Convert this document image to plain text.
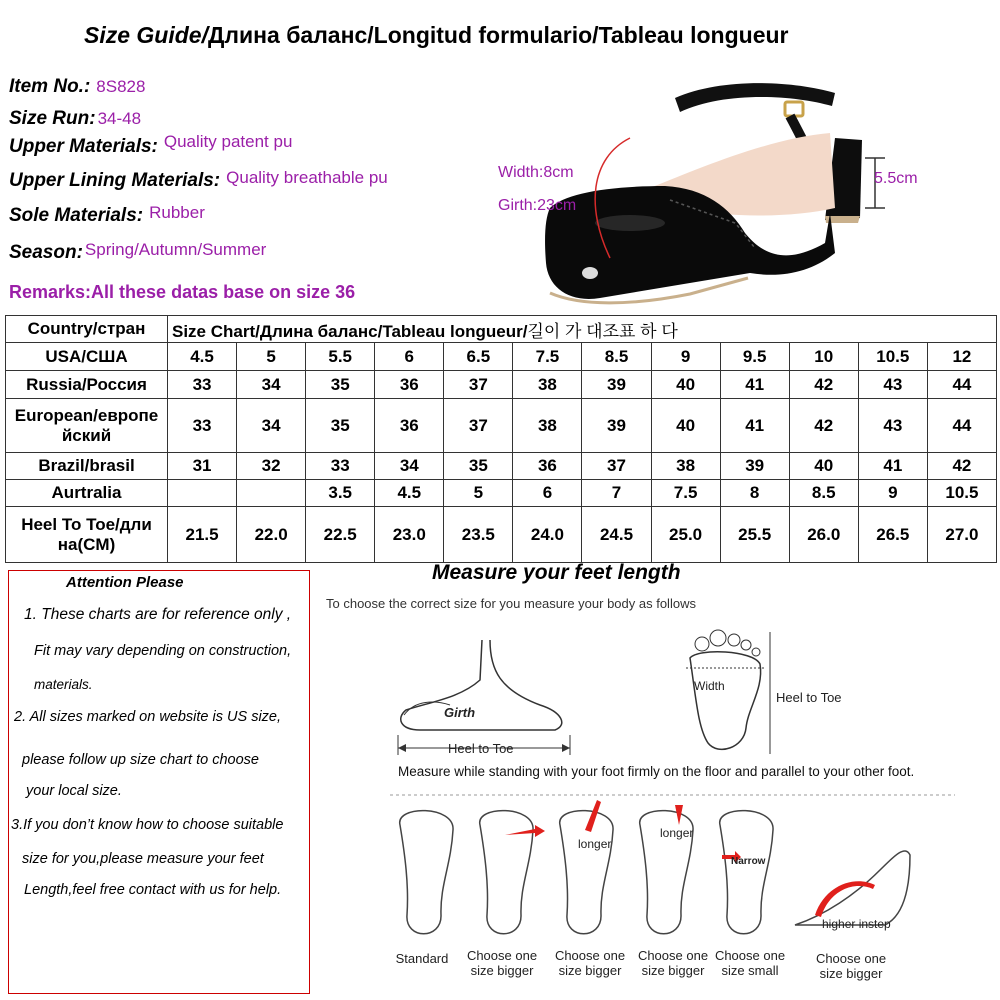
Size Guide/Длина баланс/Longitud formulario/Tableau longueur
Item No.: 8S828
Size Run: 34-48
Upper Materials: Quality patent pu
Upper Lining Materials: Quality breathable pu
Sole Materials: Rubber
Season: Spring/Autumn/Summer
Remarks:All these datas base on size 36
Width:8cm
Girth:23cm
5.5cm
Country/стран	Size Chart/Длина баланс/Tableau longueur/길이 가 대조표 하 다											
USA/США	4.5	5	5.5	6	6.5	7.5	8.5	9	9.5	10	10.5	12
Russia/Россия	33	34	35	36	37	38	39	40	41	42	43	44
European/европе йский	33	34	35	36	37	38	39	40	41	42	43	44
Brazil/brasil	31	32	33	34	35	36	37	38	39	40	41	42
Aurtralia			3.5	4.5	5	6	7	7.5	8	8.5	9	10.5
Heel To Toe/дли на(CM)	21.5	22.0	22.5	23.0	23.5	24.0	24.5	25.0	25.5	26.0	26.5	27.0
Attention Please
1. These charts are for reference only ,
Fit may vary depending on construction,
materials.
2. All sizes marked on website is US size,
please follow up size chart to choose
your local size.
3.If you don’t know how to choose suitable
size for you,please measure your feet
Length,feel free contact with us for help.
Measure your feet length
To choose the correct size for you measure your body as follows
Girth
Heel to Toe
Width
Heel to Toe
Measure while standing with your foot firmly on the floor and parallel to your other foot.
longer
longer
Narrow
higher instep
Standard	Choose one size bigger
Choose one size bigger
Choose one size bigger
Choose one size small
Choose one size bigger
